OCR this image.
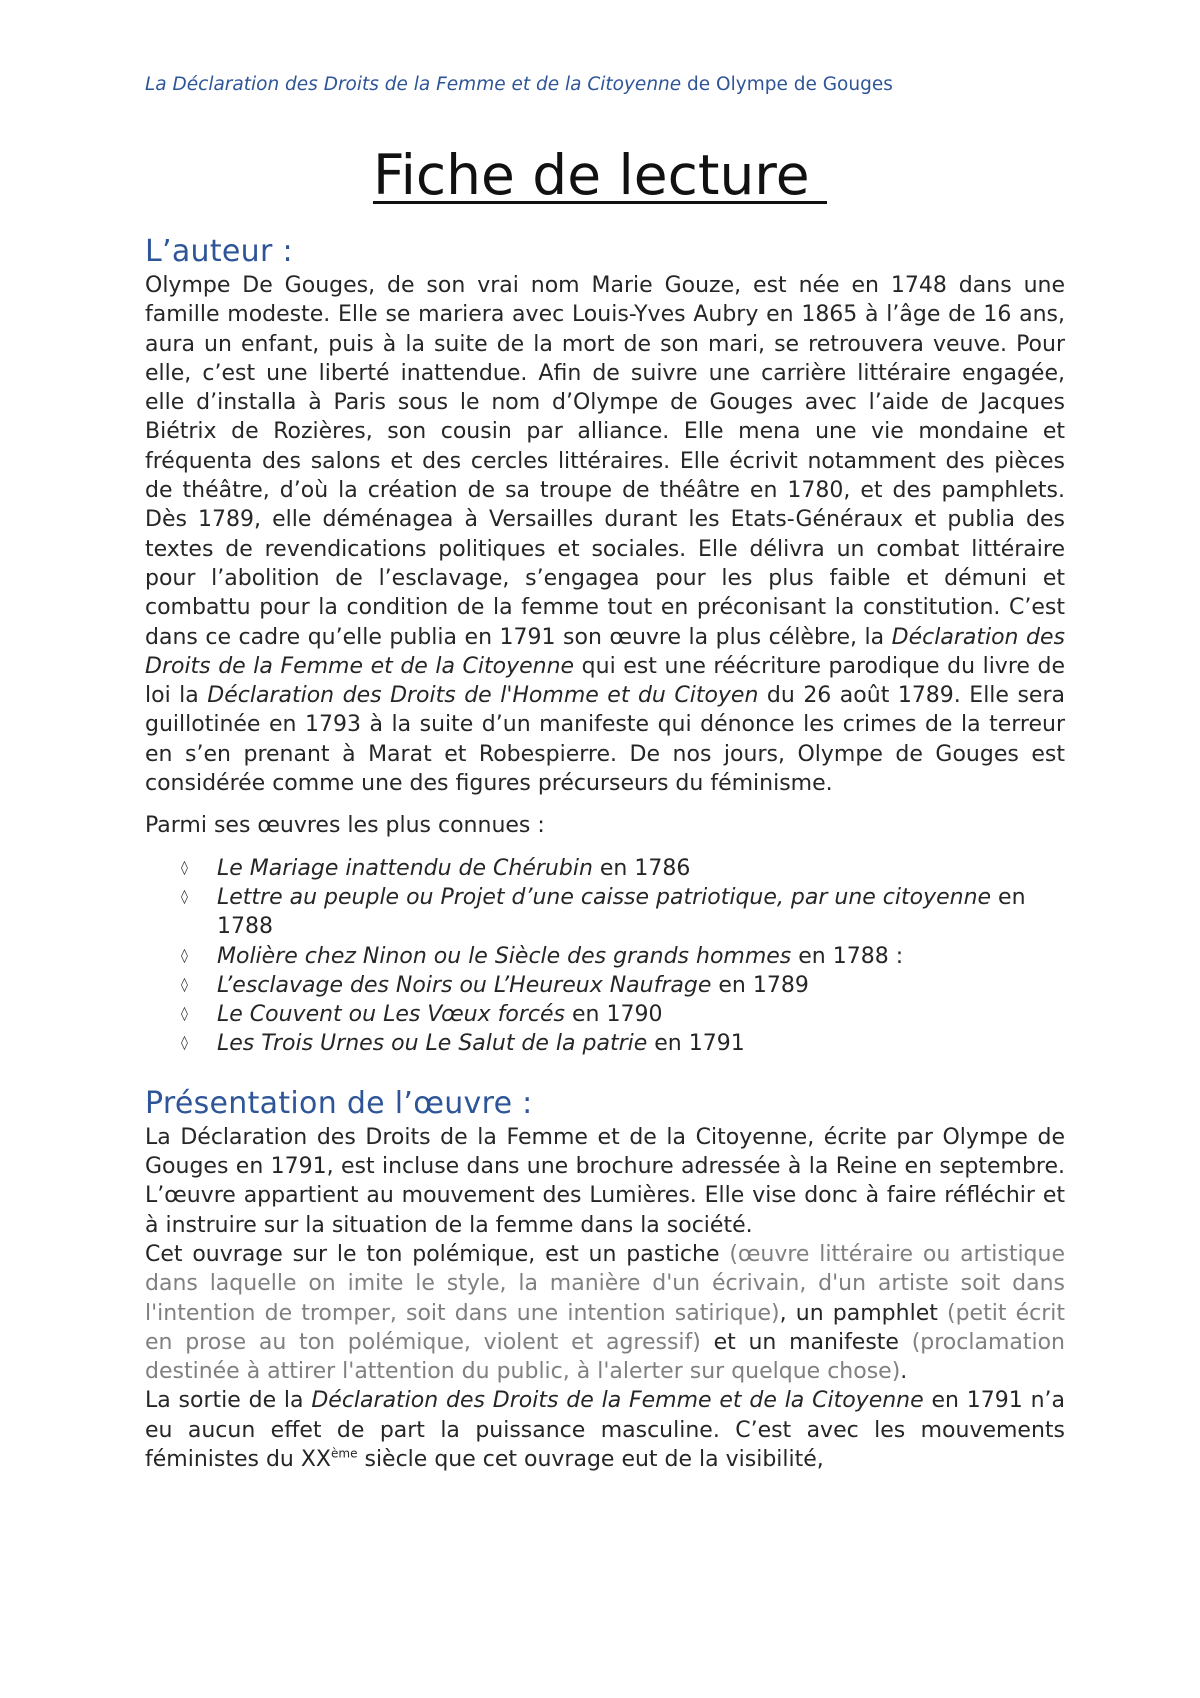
La Déclaration des Droits de la Femme et de la Citoyenne de Olympe de Gouges
Fiche de lecture
L’auteur :

Olympe De Gouges, de son vrai nom Marie Gouze, est née en 1748 dans une famille modeste. Elle se mariera avec Louis-Yves Aubry en 1865 à l’âge de 16 ans, aura un enfant, puis à la suite de la mort de son mari, se retrouvera veuve. Pour elle, c’est une liberté inattendue. Afin de suivre une carrière littéraire engagée, elle d’installa à Paris sous le nom d’Olympe de Gouges avec l’aide de Jacques Biétrix de Rozières, son cousin par alliance. Elle mena une vie mondaine et fréquenta des salons et des cercles littéraires. Elle écrivit notamment des pièces de théâtre, d’où la création de sa troupe de théâtre en 1780, et des pamphlets. Dès 1789, elle déménagea à Versailles durant les Etats-Généraux et publia des textes de revendications politiques et sociales. Elle délivra un combat littéraire pour l’abolition de l’esclavage, s’engagea pour les plus faible et démuni et combattu pour la condition de la femme tout en préconisant la constitution. C’est dans ce cadre qu’elle publia en 1791 son œuvre la plus célèbre, la Déclaration des Droits de la Femme et de la Citoyenne qui est une réécriture parodique du livre de loi la Déclaration des Droits de l'Homme et du Citoyen du 26 août 1789. Elle sera guillotinée en 1793 à la suite d’un manifeste qui dénonce les crimes de la terreur en s’en prenant à Marat et Robespierre. De nos jours, Olympe de Gouges est considérée comme une des figures précurseurs du féminisme.

Parmi ses œuvres les plus connues :

◊ Le Mariage inattendu de Chérubin en 1786
◊ Lettre au peuple ou Projet d’une caisse patriotique, par une citoyenne en 1788
◊ Molière chez Ninon ou le Siècle des grands hommes en 1788 :
◊ L’esclavage des Noirs ou L’Heureux Naufrage en 1789
◊ Le Couvent ou Les Vœux forcés en 1790
◊ Les Trois Urnes ou Le Salut de la patrie en 1791
Présentation de l’œuvre :

La Déclaration des Droits de la Femme et de la Citoyenne, écrite par Olympe de Gouges en 1791, est incluse dans une brochure adressée à la Reine en septembre. L’œuvre appartient au mouvement des Lumières. Elle vise donc à faire réfléchir et à instruire sur la situation de la femme dans la société.

Cet ouvrage sur le ton polémique, est un pastiche (œuvre littéraire ou artistique dans laquelle on imite le style, la manière d'un écrivain, d'un artiste soit dans l'intention de tromper, soit dans une intention satirique), un pamphlet (petit écrit en prose au ton polémique, violent et agressif) et un manifeste (proclamation destinée à attirer l'attention du public, à l'alerter sur quelque chose).

La sortie de la Déclaration des Droits de la Femme et de la Citoyenne en 1791 n’a eu aucun effet de part la puissance masculine. C’est avec les mouvements féministes du XXème siècle que cet ouvrage eut de la visibilité,
